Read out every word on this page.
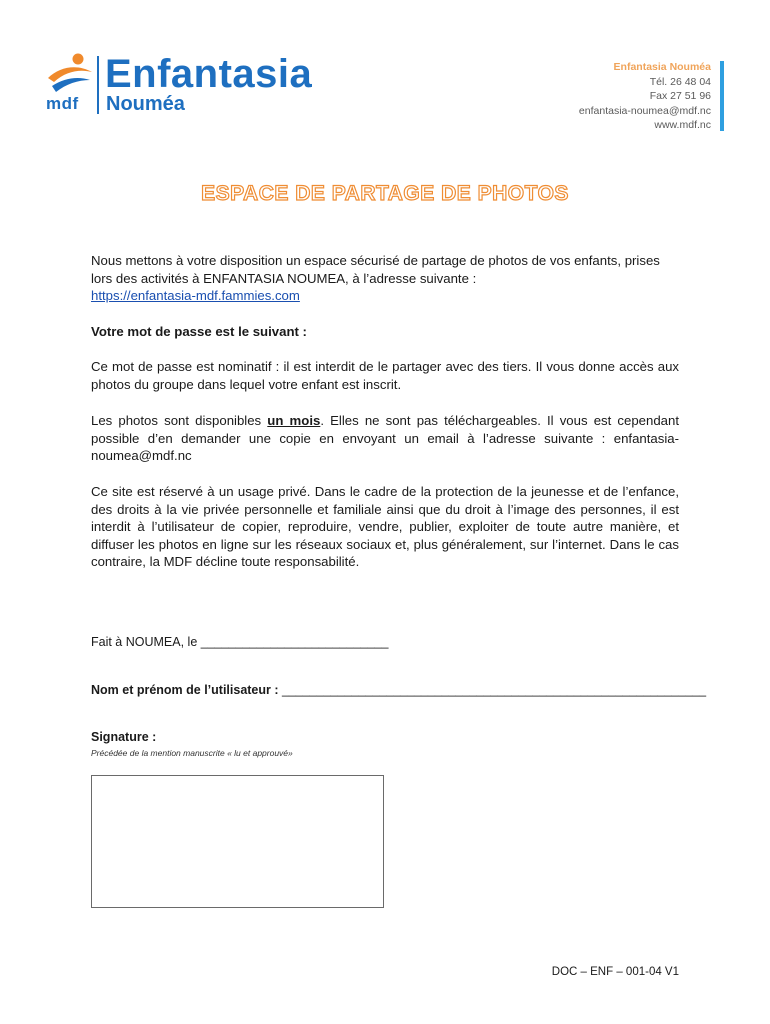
mdf
Enfantasia
Nouméa
Enfantasia Nouméa
Tél. 26 48 04
Fax 27 51 96
enfantasia-noumea@mdf.nc
www.mdf.nc
ESPACE DE PARTAGE DE PHOTOS
Nous mettons à votre disposition un espace sécurisé de partage de photos de vos enfants, prises lors des activités à ENFANTASIA NOUMEA, à l’adresse suivante :
https://enfantasia-mdf.fammies.com
Votre mot de passe est le suivant :
Ce mot de passe est nominatif : il est interdit de le partager avec des tiers. Il vous donne accès aux photos du groupe dans lequel votre enfant est inscrit.
Les photos sont disponibles un mois. Elles ne sont pas téléchargeables. Il vous est cependant possible d’en demander une copie en envoyant un email à l’adresse suivante : enfantasia-noumea@mdf.nc
Ce site est réservé à un usage privé. Dans le cadre de la protection de la jeunesse et de l’enfance, des droits à la vie privée personnelle et familiale ainsi que du droit à l’image des personnes, il est interdit à l’utilisateur de copier, reproduire, vendre, publier, exploiter de toute autre manière, et diffuser les photos en ligne sur les réseaux sociaux et, plus généralement, sur l’internet. Dans le cas contraire, la MDF décline toute responsabilité.
Fait à NOUMEA, le ___________________________
Nom et prénom de l’utilisateur : _____________________________________________________________
Signature :
Précédée de la mention manuscrite « lu et approuvé»
DOC – ENF – 001-04 V1
